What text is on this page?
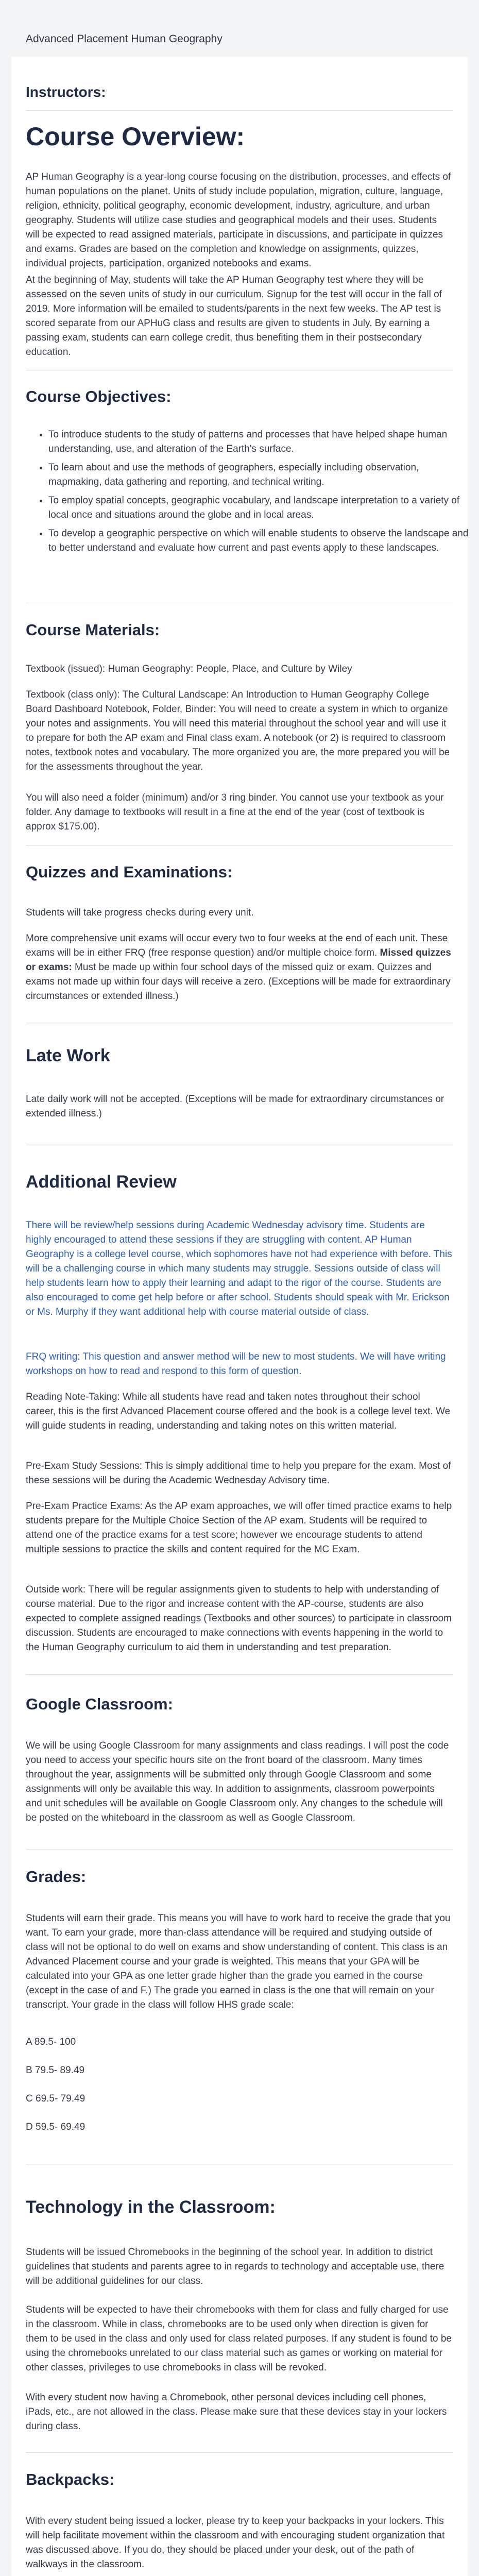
Advanced Placement Human Geography
Instructors:
Course Overview:

AP Human Geography is a year-long course focusing on the distribution, processes, and effects of human populations on the planet. Units of study include population, migration, culture, language, religion, ethnicity, political geography, economic development, industry, agriculture, and urban geography. Students will utilize case studies and geographical models and their uses. Students will be expected to read assigned materials, participate in discussions, and participate in quizzes and exams. Grades are based on the completion and knowledge on assignments, quizzes, individual projects, participation, organized notebooks and exams.

At the beginning of May, students will take the AP Human Geography test where they will be assessed on the seven units of study in our curriculum. Signup for the test will occur in the fall of 2019. More information will be emailed to students/parents in the next few weeks. The AP test is scored separate from our APHuG class and results are given to students in July. By earning a passing exam, students can earn college credit, thus benefiting them in their postsecondary education.

Course Objectives:
• To introduce students to the study of patterns and processes that have helped shape human understanding, use, and alteration of the Earth's surface.
• To learn about and use the methods of geographers, especially including observation, mapmaking, data gathering and reporting, and technical writing.
• To employ spatial concepts, geographic vocabulary, and landscape interpretation to a variety of local once and situations around the globe and in local areas.
• To develop a geographic perspective on which will enable students to observe the landscape and to better understand and evaluate how current and past events apply to these landscapes.
Course Materials:

Textbook (issued): Human Geography: People, Place, and Culture by Wiley

Textbook (class only): The Cultural Landscape: An Introduction to Human Geography College Board Dashboard Notebook, Folder, Binder: You will need to create a system in which to organize your notes and assignments. You will need this material throughout the school year and will use it to prepare for both the AP exam and Final class exam. A notebook (or 2) is required to classroom notes, textbook notes and vocabulary. The more organized you are, the more prepared you will be for the assessments throughout the year.

You will also need a folder (minimum) and/or 3 ring binder. You cannot use your textbook as your folder. Any damage to textbooks will result in a fine at the end of the year (cost of textbook is approx $175.00).

Quizzes and Examinations:

Students will take progress checks during every unit.

More comprehensive unit exams will occur every two to four weeks at the end of each unit. These exams will be in either FRQ (free response question) and/or multiple choice form. Missed quizzes or exams: Must be made up within four school days of the missed quiz or exam. Quizzes and exams not made up within four days will receive a zero. (Exceptions will be made for extraordinary circumstances or extended illness.)

Late Work

Late daily work will not be accepted. (Exceptions will be made for extraordinary circumstances or extended illness.)

Additional Review

There will be review/help sessions during Academic Wednesday advisory time. Students are highly encouraged to attend these sessions if they are struggling with content. AP Human Geography is a college level course, which sophomores have not had experience with before. This will be a challenging course in which many students may struggle. Sessions outside of class will help students learn how to apply their learning and adapt to the rigor of the course. Students are also encouraged to come get help before or after school. Students should speak with Mr. Erickson or Ms. Murphy if they want additional help with course material outside of class.

FRQ writing: This question and answer method will be new to most students. We will have writing workshops on how to read and respond to this form of question.

Reading Note-Taking: While all students have read and taken notes throughout their school career, this is the first Advanced Placement course offered and the book is a college level text. We will guide students in reading, understanding and taking notes on this written material.

Pre-Exam Study Sessions: This is simply additional time to help you prepare for the exam. Most of these sessions will be during the Academic Wednesday Advisory time.

Pre-Exam Practice Exams: As the AP exam approaches, we will offer timed practice exams to help students prepare for the Multiple Choice Section of the AP exam. Students will be required to attend one of the practice exams for a test score; however we encourage students to attend multiple sessions to practice the skills and content required for the MC Exam.

Outside work: There will be regular assignments given to students to help with understanding of course material. Due to the rigor and increase content with the AP-course, students are also expected to complete assigned readings (Textbooks and other sources) to participate in classroom discussion. Students are encouraged to make connections with events happening in the world to the Human Geography curriculum to aid them in understanding and test preparation.

Google Classroom:

We will be using Google Classroom for many assignments and class readings. I will post the code you need to access your specific hours site on the front board of the classroom. Many times throughout the year, assignments will be submitted only through Google Classroom and some assignments will only be available this way. In addition to assignments, classroom powerpoints and unit schedules will be available on Google Classroom only. Any changes to the schedule will be posted on the whiteboard in the classroom as well as Google Classroom.

Grades:

Students will earn their grade. This means you will have to work hard to receive the grade that you want. To earn your grade, more than-class attendance will be required and studying outside of class will not be optional to do well on exams and show understanding of content. This class is an Advanced Placement course and your grade is weighted. This means that your GPA will be calculated into your GPA as one letter grade higher than the grade you earned in the course (except in the case of and F.) The grade you earned in class is the one that will remain on your transcript. Your grade in the class will follow HHS grade scale:

A 89.5- 100

B 79.5- 89.49

C 69.5- 79.49

D 59.5- 69.49

Technology in the Classroom:

Students will be issued Chromebooks in the beginning of the school year. In addition to district guidelines that students and parents agree to in regards to technology and acceptable use, there will be additional guidelines for our class.

Students will be expected to have their chromebooks with them for class and fully charged for use in the classroom. While in class, chromebooks are to be used only when direction is given for them to be used in the class and only used for class related purposes. If any student is found to be using the chromebooks unrelated to our class material such as games or working on material for other classes, privileges to use chromebooks in class will be revoked.

With every student now having a Chromebook, other personal devices including cell phones, iPads, etc., are not allowed in the class. Please make sure that these devices stay in your lockers during class.

Backpacks:

With every student being issued a locker, please try to keep your backpacks in your lockers. This will help facilitate movement within the classroom and with encouraging student organization that was discussed above. If you do, they should be placed under your desk, out of the path of walkways in the classroom.
